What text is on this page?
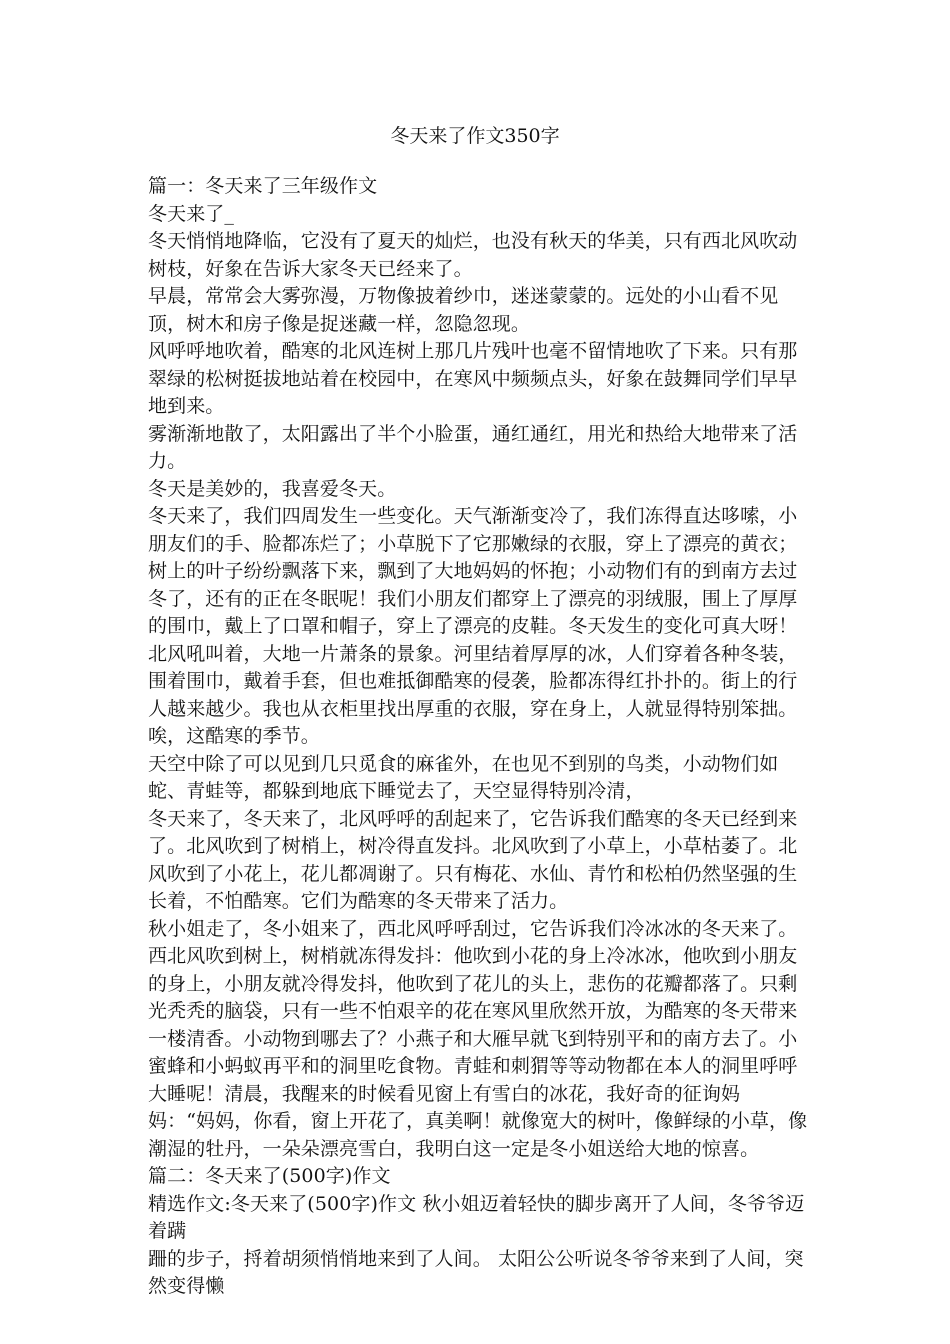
冬天来了作文350字

篇一：冬天来了三年级作文

冬天来了_

冬天悄悄地降临，它没有了夏天的灿烂，也没有秋天的华美，只有西北风吹动树枝，好象在告诉大家冬天已经来了。

早晨，常常会大雾弥漫，万物像披着纱巾，迷迷蒙蒙的。远处的小山看不见顶，树木和房子像是捉迷藏一样，忽隐忽现。

风呼呼地吹着，酷寒的北风连树上那几片残叶也毫不留情地吹了下来。只有那翠绿的松树挺拔地站着在校园中，在寒风中频频点头，好象在鼓舞同学们早早地到来。

雾渐渐地散了，太阳露出了半个小脸蛋，通红通红，用光和热给大地带来了活力。

冬天是美妙的，我喜爱冬天。

冬天来了，我们四周发生一些变化。天气渐渐变冷了，我们冻得直达哆嗦，小朋友们的手、脸都冻烂了；小草脱下了它那嫩绿的衣服，穿上了漂亮的黄衣；树上的叶子纷纷飘落下来，飘到了大地妈妈的怀抱；小动物们有的到南方去过冬了，还有的正在冬眠呢！我们小朋友们都穿上了漂亮的羽绒服，围上了厚厚的围巾，戴上了口罩和帽子，穿上了漂亮的皮鞋。冬天发生的变化可真大呀！

北风吼叫着，大地一片萧条的景象。河里结着厚厚的冰，人们穿着各种冬装，围着围巾，戴着手套，但也难抵御酷寒的侵袭，脸都冻得红扑扑的。街上的行人越来越少。我也从衣柜里找出厚重的衣服，穿在身上，人就显得特别笨拙。唉，这酷寒的季节。

天空中除了可以见到几只觅食的麻雀外，在也见不到别的鸟类，小动物们如蛇、青蛙等，都躲到地底下睡觉去了，天空显得特别冷清，

冬天来了，冬天来了，北风呼呼的刮起来了，它告诉我们酷寒的冬天已经到来了。北风吹到了树梢上，树冷得直发抖。北风吹到了小草上，小草枯萎了。北风吹到了小花上，花儿都凋谢了。只有梅花、水仙、青竹和松柏仍然坚强的生长着，不怕酷寒。它们为酷寒的冬天带来了活力。

秋小姐走了，冬小姐来了，西北风呼呼刮过，它告诉我们冷冰冰的冬天来了。西北风吹到树上，树梢就冻得发抖：他吹到小花的身上冷冰冰，他吹到小朋友的身上，小朋友就冷得发抖，他吹到了花儿的头上，悲伤的花瓣都落了。只剩光秃秃的脑袋，只有一些不怕艰辛的花在寒风里欣然开放，为酷寒的冬天带来一楼清香。小动物到哪去了？小燕子和大雁早就飞到特别平和的南方去了。小蜜蜂和小蚂蚁再平和的洞里吃食物。青蛙和刺猬等等动物都在本人的洞里呼呼大睡呢！清晨，我醒来的时候看见窗上有雪白的冰花，我好奇的征询妈

妈：“妈妈，你看，窗上开花了，真美啊！就像宽大的树叶，像鲜绿的小草，像潮湿的牡丹，一朵朵漂亮雪白，我明白这一定是冬小姐送给大地的惊喜。

篇二：冬天来了(500字)作文

精选作文:冬天来了(500字)作文 秋小姐迈着轻快的脚步离开了人间，冬爷爷迈着蹒

跚的步子，捋着胡须悄悄地来到了人间。 太阳公公听说冬爷爷来到了人间，突然变得懒
